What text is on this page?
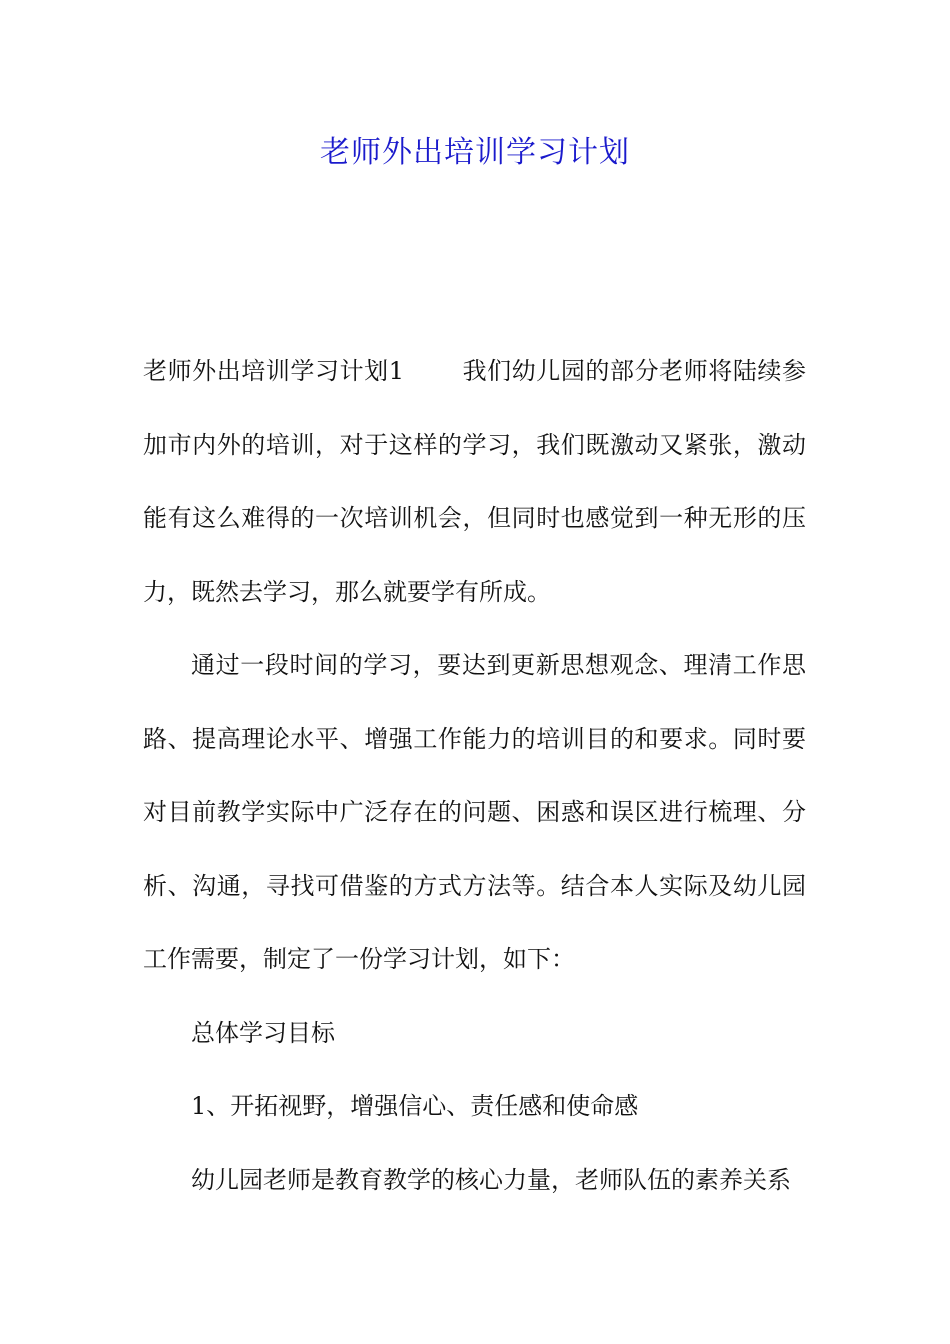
老师外出培训学习计划

老师外出培训学习计划1 我们幼儿园的部分老师将陆续参加市内外的培训，对于这样的学习，我们既激动又紧张，激动能有这么难得的一次培训机会，但同时也感觉到一种无形的压力，既然去学习，那么就要学有所成。

通过一段时间的学习，要达到更新思想观念、理清工作思路、提高理论水平、增强工作能力的培训目的和要求。同时要对目前教学实际中广泛存在的问题、困惑和误区进行梳理、分析、沟通，寻找可借鉴的方式方法等。结合本人实际及幼儿园工作需要，制定了一份学习计划，如下：

总体学习目标

1、开拓视野，增强信心、责任感和使命感

幼儿园老师是教育教学的核心力量，老师队伍的素养关系
